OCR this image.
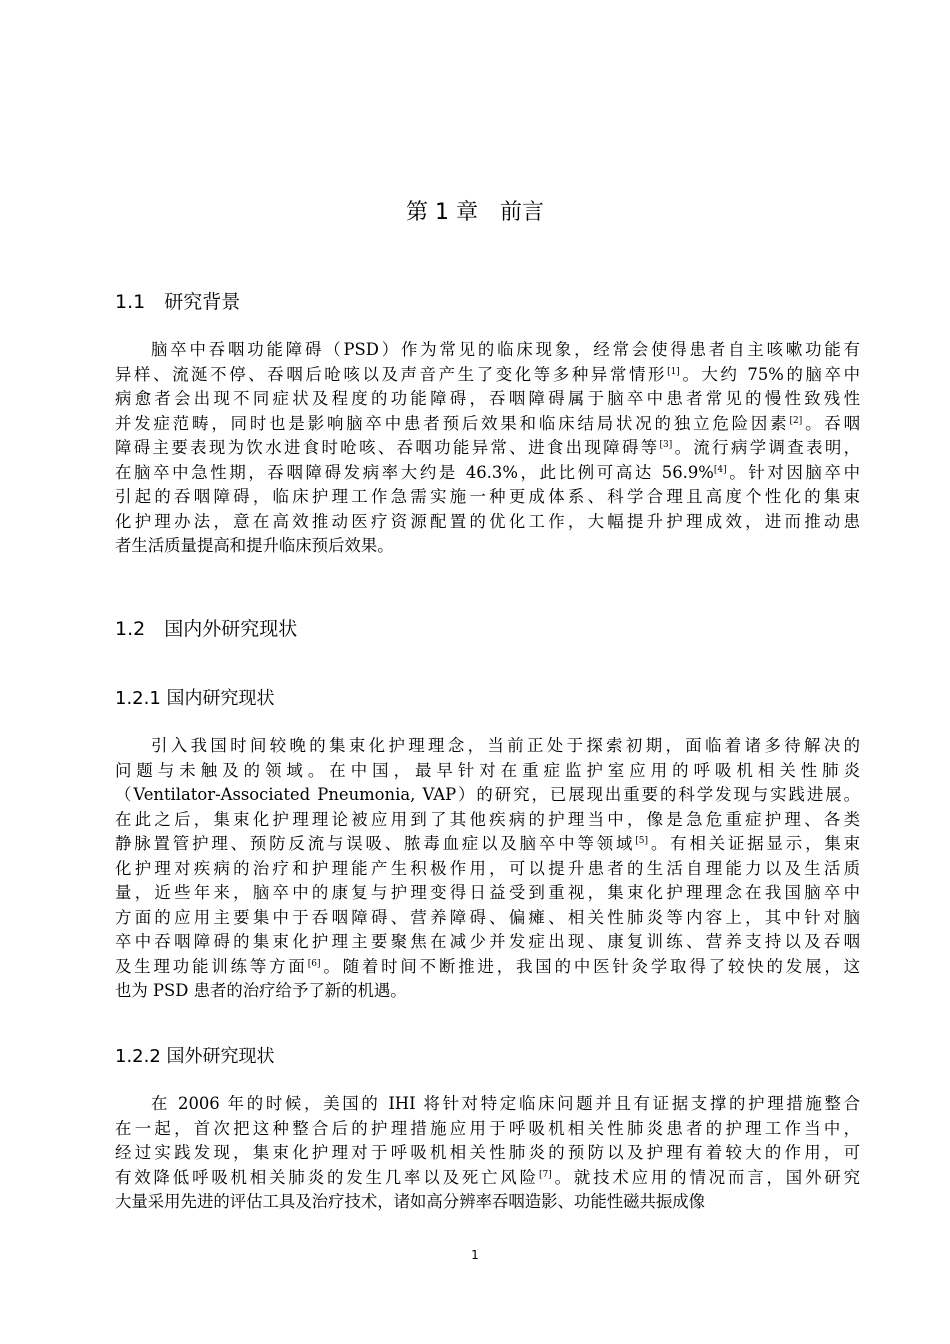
第 1 章　前言
1.1　研究背景
脑卒中吞咽功能障碍（PSD）作为常见的临床现象，经常会使得患者自主咳嗽功能有
异样、流涎不停、吞咽后呛咳以及声音产生了变化等多种异常情形[1]。大约 75%的脑卒中
病愈者会出现不同症状及程度的功能障碍，吞咽障碍属于脑卒中患者常见的慢性致残性
并发症范畴，同时也是影响脑卒中患者预后效果和临床结局状况的独立危险因素[2]。吞咽
障碍主要表现为饮水进食时呛咳、吞咽功能异常、进食出现障碍等[3]。流行病学调查表明，
在脑卒中急性期，吞咽障碍发病率大约是 46.3%，此比例可高达 56.9%[4]。针对因脑卒中
引起的吞咽障碍，临床护理工作急需实施一种更成体系、科学合理且高度个性化的集束
化护理办法，意在高效推动医疗资源配置的优化工作，大幅提升护理成效，进而推动患
者生活质量提高和提升临床预后效果。
1.2　国内外研究现状
1.2.1 国内研究现状
引入我国时间较晚的集束化护理理念，当前正处于探索初期，面临着诸多待解决的
问题与未触及的领域。在中国，最早针对在重症监护室应用的呼吸机相关性肺炎
（Ventilator-Associated Pneumonia, VAP）的研究，已展现出重要的科学发现与实践进展。
在此之后，集束化护理理论被应用到了其他疾病的护理当中，像是急危重症护理、各类
静脉置管护理、预防反流与误吸、脓毒血症以及脑卒中等领域[5]。有相关证据显示，集束
化护理对疾病的治疗和护理能产生积极作用，可以提升患者的生活自理能力以及生活质
量，近些年来，脑卒中的康复与护理变得日益受到重视，集束化护理理念在我国脑卒中
方面的应用主要集中于吞咽障碍、营养障碍、偏瘫、相关性肺炎等内容上，其中针对脑
卒中吞咽障碍的集束化护理主要聚焦在减少并发症出现、康复训练、营养支持以及吞咽
及生理功能训练等方面[6]。随着时间不断推进，我国的中医针灸学取得了较快的发展，这
也为 PSD 患者的治疗给予了新的机遇。
1.2.2 国外研究现状
在 2006 年的时候，美国的 IHI 将针对特定临床问题并且有证据支撑的护理措施整合
在一起，首次把这种整合后的护理措施应用于呼吸机相关性肺炎患者的护理工作当中，
经过实践发现，集束化护理对于呼吸机相关性肺炎的预防以及护理有着较大的作用，可
有效降低呼吸机相关肺炎的发生几率以及死亡风险[7]。就技术应用的情况而言，国外研究
大量采用先进的评估工具及治疗技术，诸如高分辨率吞咽造影、功能性磁共振成像
1
